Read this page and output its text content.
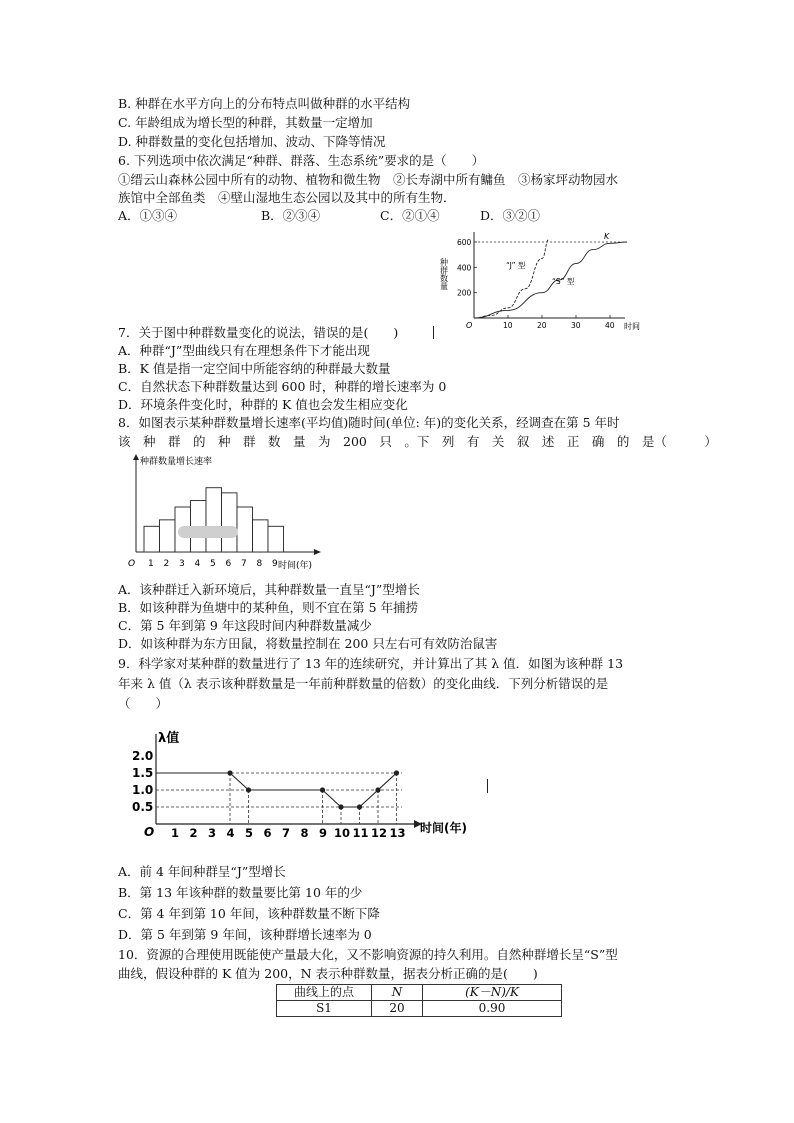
B. 种群在水平方向上的分布特点叫做种群的水平结构
C. 年龄组成为增长型的种群，其数量一定增加
D. 种群数量的变化包括增加、波动、下降等情况
6. 下列选项中依次满足“种群、群落、生态系统”要求的是（　　）
①缙云山森林公园中所有的动物、植物和微生物　②长寿湖中所有鳙鱼　③杨家坪动物园水
族馆中全部鱼类　④壁山湿地生态公园以及其中的所有生物．
A．①③④	B．②③④	C．②①④	D．③②①
种群数量
O
200
400
600
10	20	30	40
K
“J” 型
“S” 型
时间
7．关于图中种群数量变化的说法，错误的是(　　)
A．种群“J”型曲线只有在理想条件下才能出现
B．K 值是指一定空间中所能容纳的种群最大数量
C．自然状态下种群数量达到 600 时，种群的增长速率为 0
D．环境条件变化时，种群的 K 值也会发生相应变化
8．如图表示某种群数量增长速率(平均值)随时间(单位: 年)的变化关系，经调查在第 5 年时
该　种　群　的　种　群　数　量　为　200　只　。下　列　有　关　叙　述　正　确　的　是（　　　）
种群数量增长速率
O 1 2 3 4 5 6 7 8 9 时间(年)
A．该种群迁入新环境后，其种群数量一直呈“J”型增长
B．如该种群为鱼塘中的某种鱼，则不宜在第 5 年捕捞
C．第 5 年到第 9 年这段时间内种群数量减少
D．如该种群为东方田鼠，将数量控制在 200 只左右可有效防治鼠害
9．科学家对某种群的数量进行了 13 年的连续研究，并计算出了其 λ 值．如图为该种群 13
年来 λ 值（λ 表示该种群数量是一年前种群数量的倍数）的变化曲线．下列分析错误的是
（　　）
λ值
0.5
1.0
1.5
2.0
1 2 3 4 5 6 7 8 9 10 11 12 13
O	时间(年)
A．前 4 年间种群呈“J”型增长
B．第 13 年该种群的数量要比第 10 年的少
C．第 4 年到第 10 年间，该种群数量不断下降
D．第 5 年到第 9 年间，该种群增长速率为 0
10．资源的合理使用既能使产量最大化，又不影响资源的持久利用。自然种群增长呈“S”型
曲线，假设种群的 K 值为 200，N 表示种群数量，据表分析正确的是(　　)
曲线上的点	N	(K－N)/K
S1	20	0.90
